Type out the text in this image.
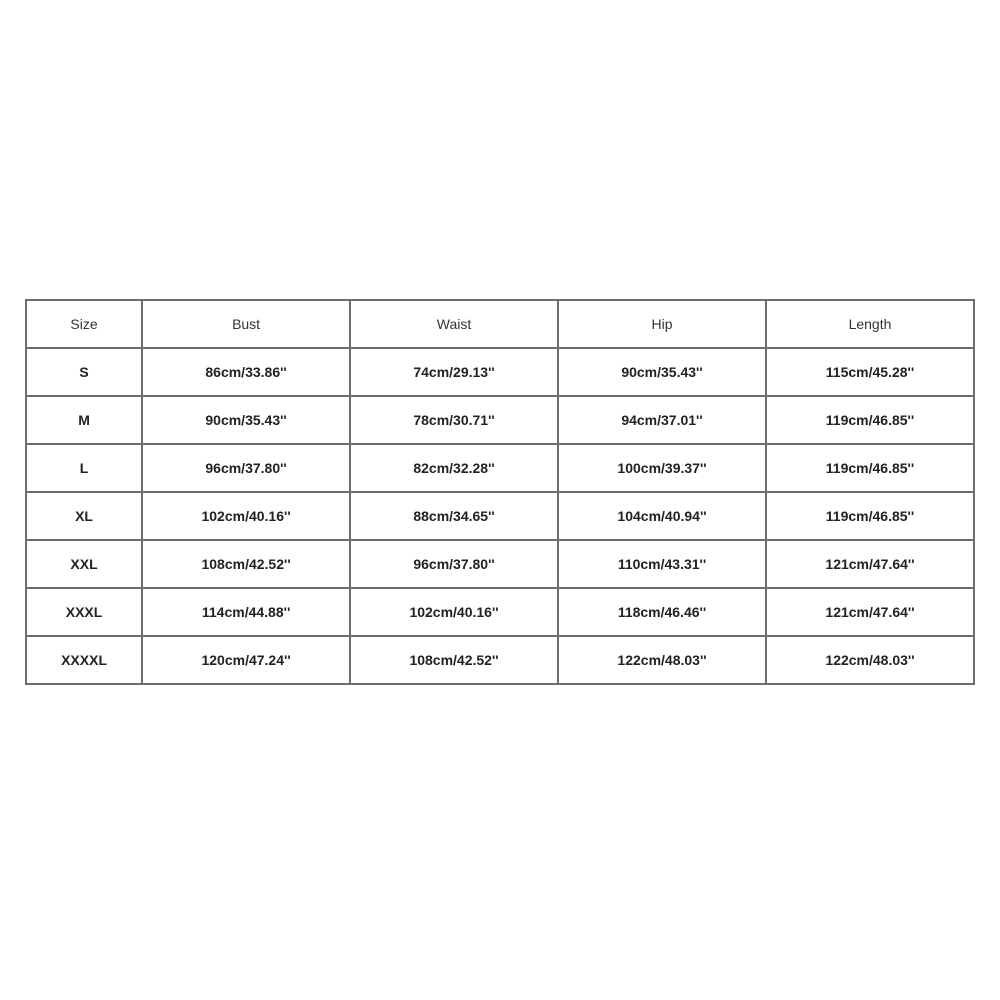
Size	Bust	Waist	Hip	Length
S	86cm/33.86''	74cm/29.13''	90cm/35.43''	115cm/45.28''
M	90cm/35.43''	78cm/30.71''	94cm/37.01''	119cm/46.85''
L	96cm/37.80''	82cm/32.28''	100cm/39.37''	119cm/46.85''
XL	102cm/40.16''	88cm/34.65''	104cm/40.94''	119cm/46.85''
XXL	108cm/42.52''	96cm/37.80''	110cm/43.31''	121cm/47.64''
XXXL	114cm/44.88''	102cm/40.16''	118cm/46.46''	121cm/47.64''
XXXXL	120cm/47.24''	108cm/42.52''	122cm/48.03''	122cm/48.03''
